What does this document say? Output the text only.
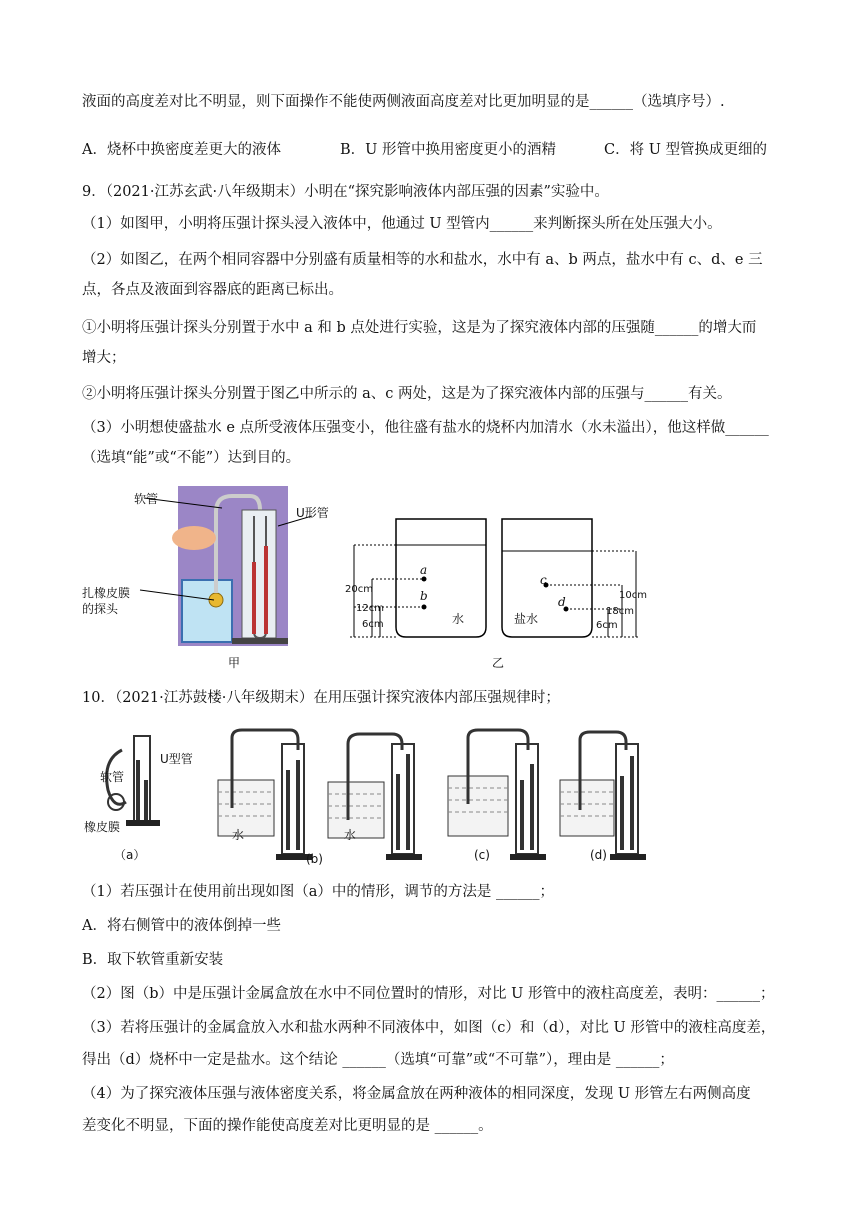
液面的高度差对比不明显，则下面操作不能使两侧液面高度差对比更加明显的是______（选填序号）.
A．烧杯中换密度差更大的液体	B．U 形管中换用密度更小的酒精	C．将 U 型管换成更细的
9．（2021·江苏玄武·八年级期末）小明在“探究影响液体内部压强的因素”实验中。
（1）如图甲，小明将压强计探头浸入液体中，他通过 U 型管内______来判断探头所在处压强大小。
（2）如图乙，在两个相同容器中分别盛有质量相等的水和盐水，水中有 a、b 两点，盐水中有 c、d、e 三
点，各点及液面到容器底的距离已标出。
①小明将压强计探头分别置于水中 a 和 b 点处进行实验，这是为了探究液体内部的压强随______的增大而
增大；
②小明将压强计探头分别置于图乙中所示的 a、c 两处，这是为了探究液体内部的压强与______有关。
（3）小明想使盛盐水 e 点所受液体压强变小，他往盛有盐水的烧杯内加清水（水未溢出），他这样做______
（选填“能”或“不能”）达到目的。
软管
U形管
扎橡皮膜
的探头
甲
20cm
12cm
6cm
10cm
18cm
6cm
a
b
c
d
水	盐水
乙
10．（2021·江苏鼓楼·八年级期末）在用压强计探究液体内部压强规律时；
U型管
软管
橡皮膜
水	水
（a）	(b)	(c)	(d)
（1）若压强计在使用前出现如图（a）中的情形，调节的方法是 ______；
A．将右侧管中的液体倒掉一些
B．取下软管重新安装
（2）图（b）中是压强计金属盒放在水中不同位置时的情形，对比 U 形管中的液柱高度差，表明：______；
（3）若将压强计的金属盒放入水和盐水两种不同液体中，如图（c）和（d），对比 U 形管中的液柱高度差，
得出（d）烧杯中一定是盐水。这个结论 ______（选填“可靠”或“不可靠”），理由是 ______；
（4）为了探究液体压强与液体密度关系，将金属盒放在两种液体的相同深度，发现 U 形管左右两侧高度
差变化不明显，下面的操作能使高度差对比更明显的是 ______。
